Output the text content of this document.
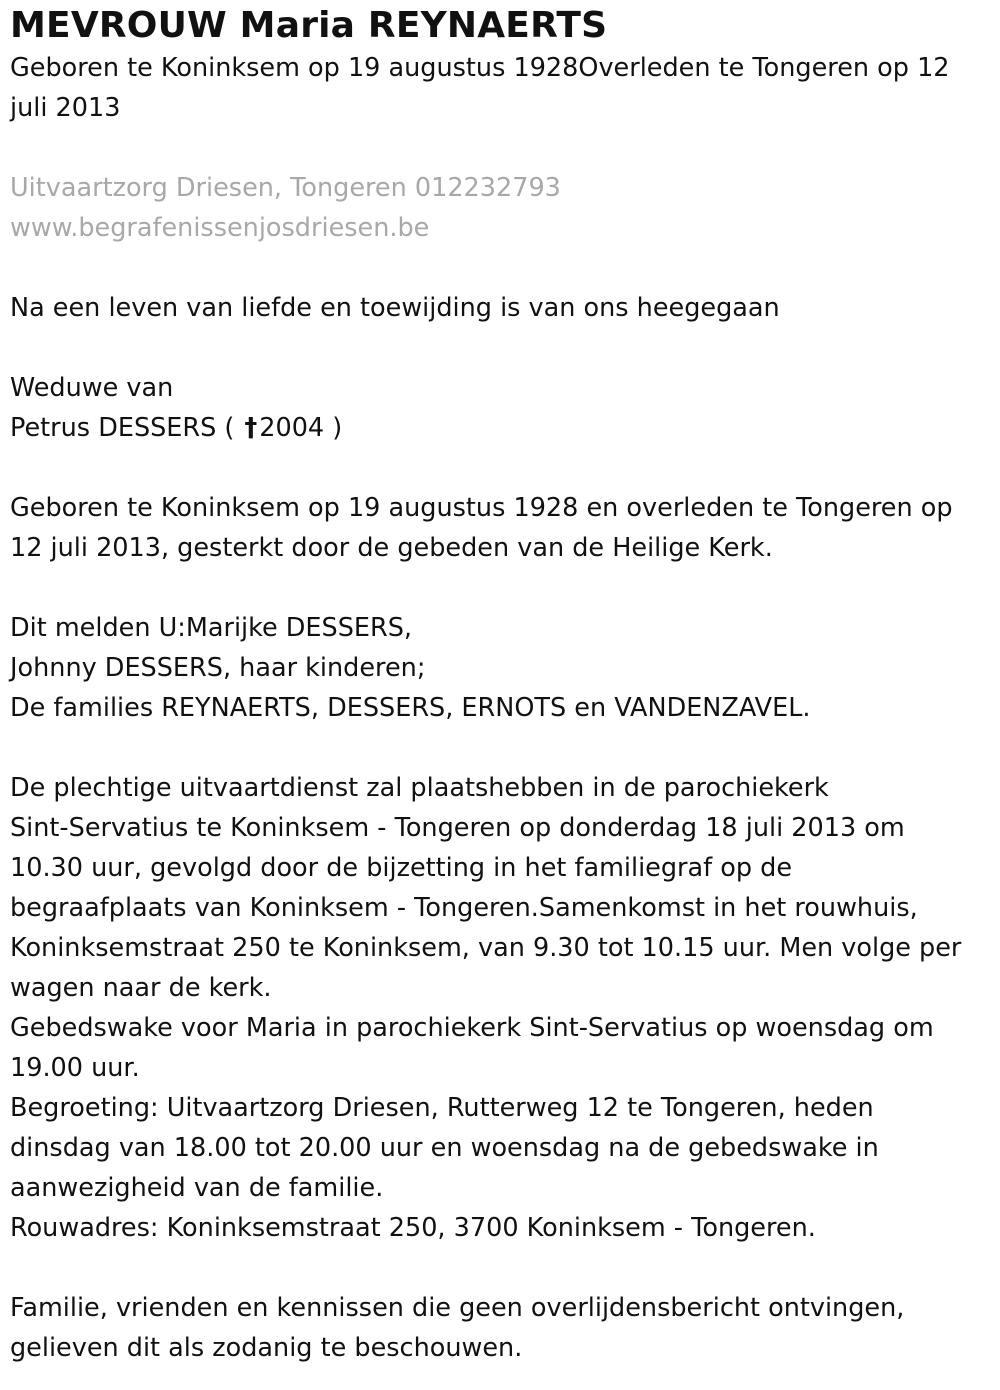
MEVROUW Maria REYNAERTS
Geboren te Koninksem op 19 augustus 1928Overleden te Tongeren op 12
juli 2013
Uitvaartzorg Driesen, Tongeren 012232793
www.begrafenissenjosdriesen.be
Na een leven van liefde en toewijding is van ons heegegaan
Weduwe van
Petrus DESSERS ( †2004 )
Geboren te Koninksem op 19 augustus 1928 en overleden te Tongeren op
12 juli 2013, gesterkt door de gebeden van de Heilige Kerk.
Dit melden U:Marijke DESSERS,
Johnny DESSERS, haar kinderen;
De families REYNAERTS, DESSERS, ERNOTS en VANDENZAVEL.
De plechtige uitvaartdienst zal plaatshebben in de parochiekerk
Sint-Servatius te Koninksem - Tongeren op donderdag 18 juli 2013 om
10.30 uur, gevolgd door de bijzetting in het familiegraf op de
begraafplaats van Koninksem - Tongeren.Samenkomst in het rouwhuis,
Koninksemstraat 250 te Koninksem, van 9.30 tot 10.15 uur. Men volge per
wagen naar de kerk.
Gebedswake voor Maria in parochiekerk Sint-Servatius op woensdag om
19.00 uur.
Begroeting: Uitvaartzorg Driesen, Rutterweg 12 te Tongeren, heden
dinsdag van 18.00 tot 20.00 uur en woensdag na de gebedswake in
aanwezigheid van de familie.
Rouwadres: Koninksemstraat 250, 3700 Koninksem - Tongeren.
Familie, vrienden en kennissen die geen overlijdensbericht ontvingen,
gelieven dit als zodanig te beschouwen.
